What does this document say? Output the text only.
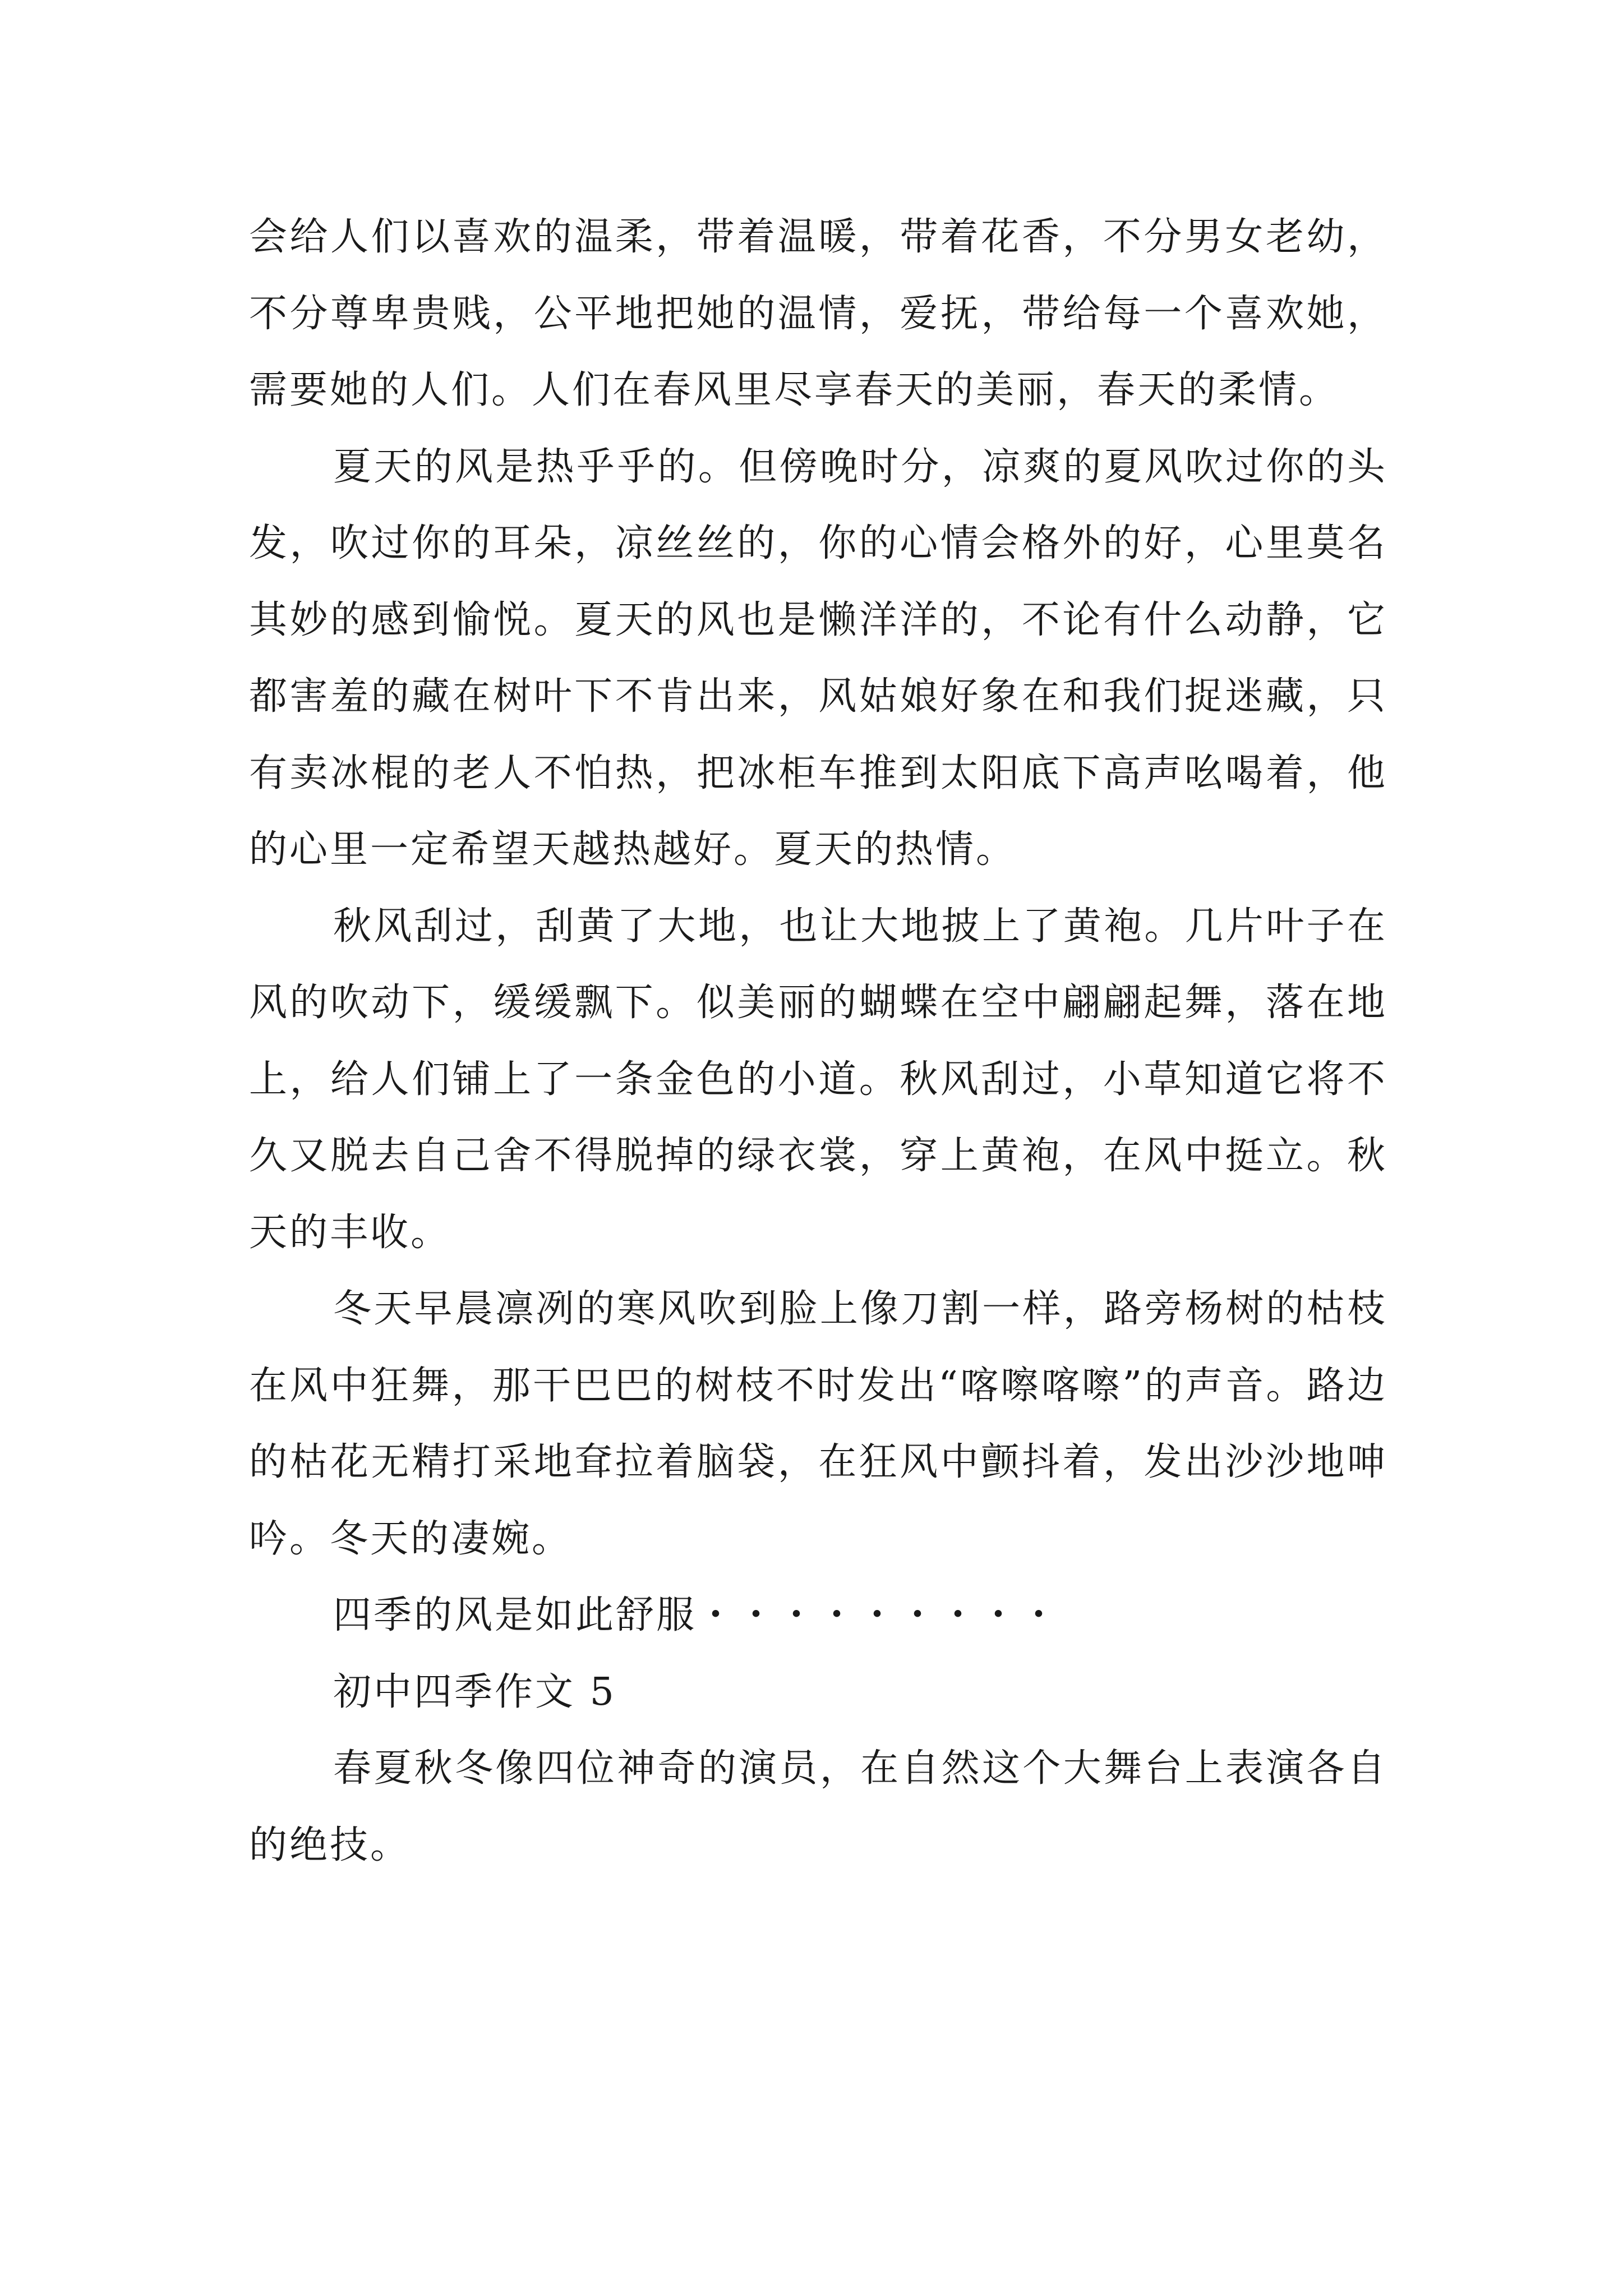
会给人们以喜欢的温柔，带着温暖，带着花香，不分男女老幼，不分尊卑贵贱，公平地把她的温情，爱抚，带给每一个喜欢她，需要她的人们。人们在春风里尽享春天的美丽，春天的柔情。

夏天的风是热乎乎的。但傍晚时分，凉爽的夏风吹过你的头发，吹过你的耳朵，凉丝丝的，你的心情会格外的好，心里莫名其妙的感到愉悦。夏天的风也是懒洋洋的，不论有什么动静，它都害羞的藏在树叶下不肯出来，风姑娘好象在和我们捉迷藏，只有卖冰棍的老人不怕热，把冰柜车推到太阳底下高声吆喝着，他的心里一定希望天越热越好。夏天的热情。

秋风刮过，刮黄了大地，也让大地披上了黄袍。几片叶子在风的吹动下，缓缓飘下。似美丽的蝴蝶在空中翩翩起舞，落在地上，给人们铺上了一条金色的小道。秋风刮过，小草知道它将不久又脱去自己舍不得脱掉的绿衣裳，穿上黄袍，在风中挺立。秋天的丰收。

冬天早晨凛冽的寒风吹到脸上像刀割一样，路旁杨树的枯枝在风中狂舞，那干巴巴的树枝不时发出“喀嚓喀嚓”的声音。路边的枯花无精打采地耷拉着脑袋，在狂风中颤抖着，发出沙沙地呻吟。冬天的凄婉。

四季的风是如此舒服・・・・・・・・・

初中四季作文 5

春夏秋冬像四位神奇的演员，在自然这个大舞台上表演各自的绝技。
